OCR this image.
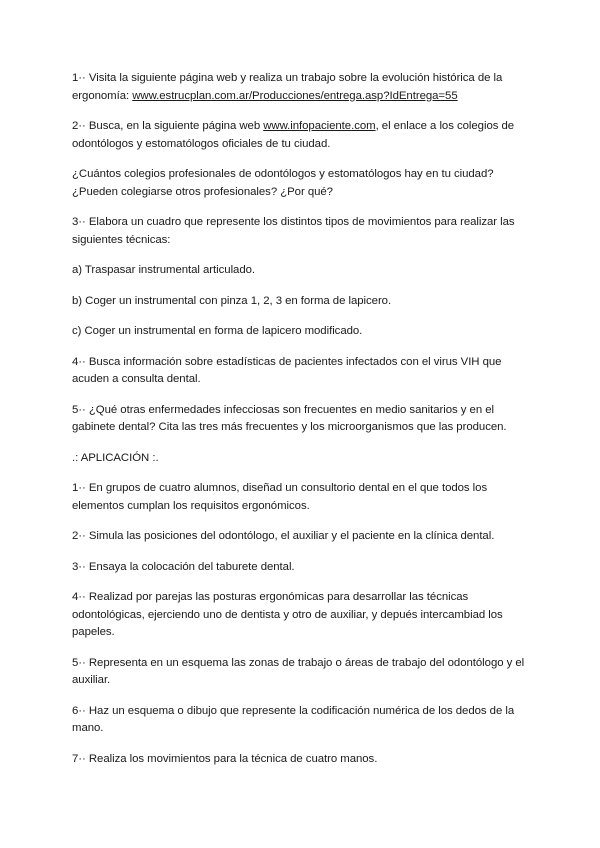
1·· Visita la siguiente página web y realiza un trabajo sobre la evolución histórica de la ergonomía: www.estrucplan.com.ar/Producciones/entrega.asp?IdEntrega=55

2·· Busca, en la siguiente página web www.infopaciente.com, el enlace a los colegios de odontólogos y estomatólogos oficiales de tu ciudad.

¿Cuántos colegios profesionales de odontólogos y estomatólogos hay en tu ciudad? ¿Pueden colegiarse otros profesionales? ¿Por qué?

3·· Elabora un cuadro que represente los distintos tipos de movimientos para realizar las siguientes técnicas:

a) Traspasar instrumental articulado.

b) Coger un instrumental con pinza 1, 2, 3 en forma de lapicero.

c) Coger un instrumental en forma de lapicero modificado.

4·· Busca información sobre estadísticas de pacientes infectados con el virus VIH que acuden a consulta dental.

5·· ¿Qué otras enfermedades infecciosas son frecuentes en medio sanitarios y en el gabinete dental? Cita las tres más frecuentes y los microorganismos que las producen.

.: APLICACIÓN :.

1·· En grupos de cuatro alumnos, diseñad un consultorio dental en el que todos los elementos cumplan los requisitos ergonómicos.

2·· Simula las posiciones del odontólogo, el auxiliar y el paciente en la clínica dental.

3·· Ensaya la colocación del taburete dental.

4·· Realizad por parejas las posturas ergonómicas para desarrollar las técnicas odontológicas, ejerciendo uno de dentista y otro de auxiliar, y depués intercambiad los papeles.

5·· Representa en un esquema las zonas de trabajo o áreas de trabajo del odontólogo y el auxiliar.

6·· Haz un esquema o dibujo que represente la codificación numérica de los dedos de la mano.

7·· Realiza los movimientos para la técnica de cuatro manos.
